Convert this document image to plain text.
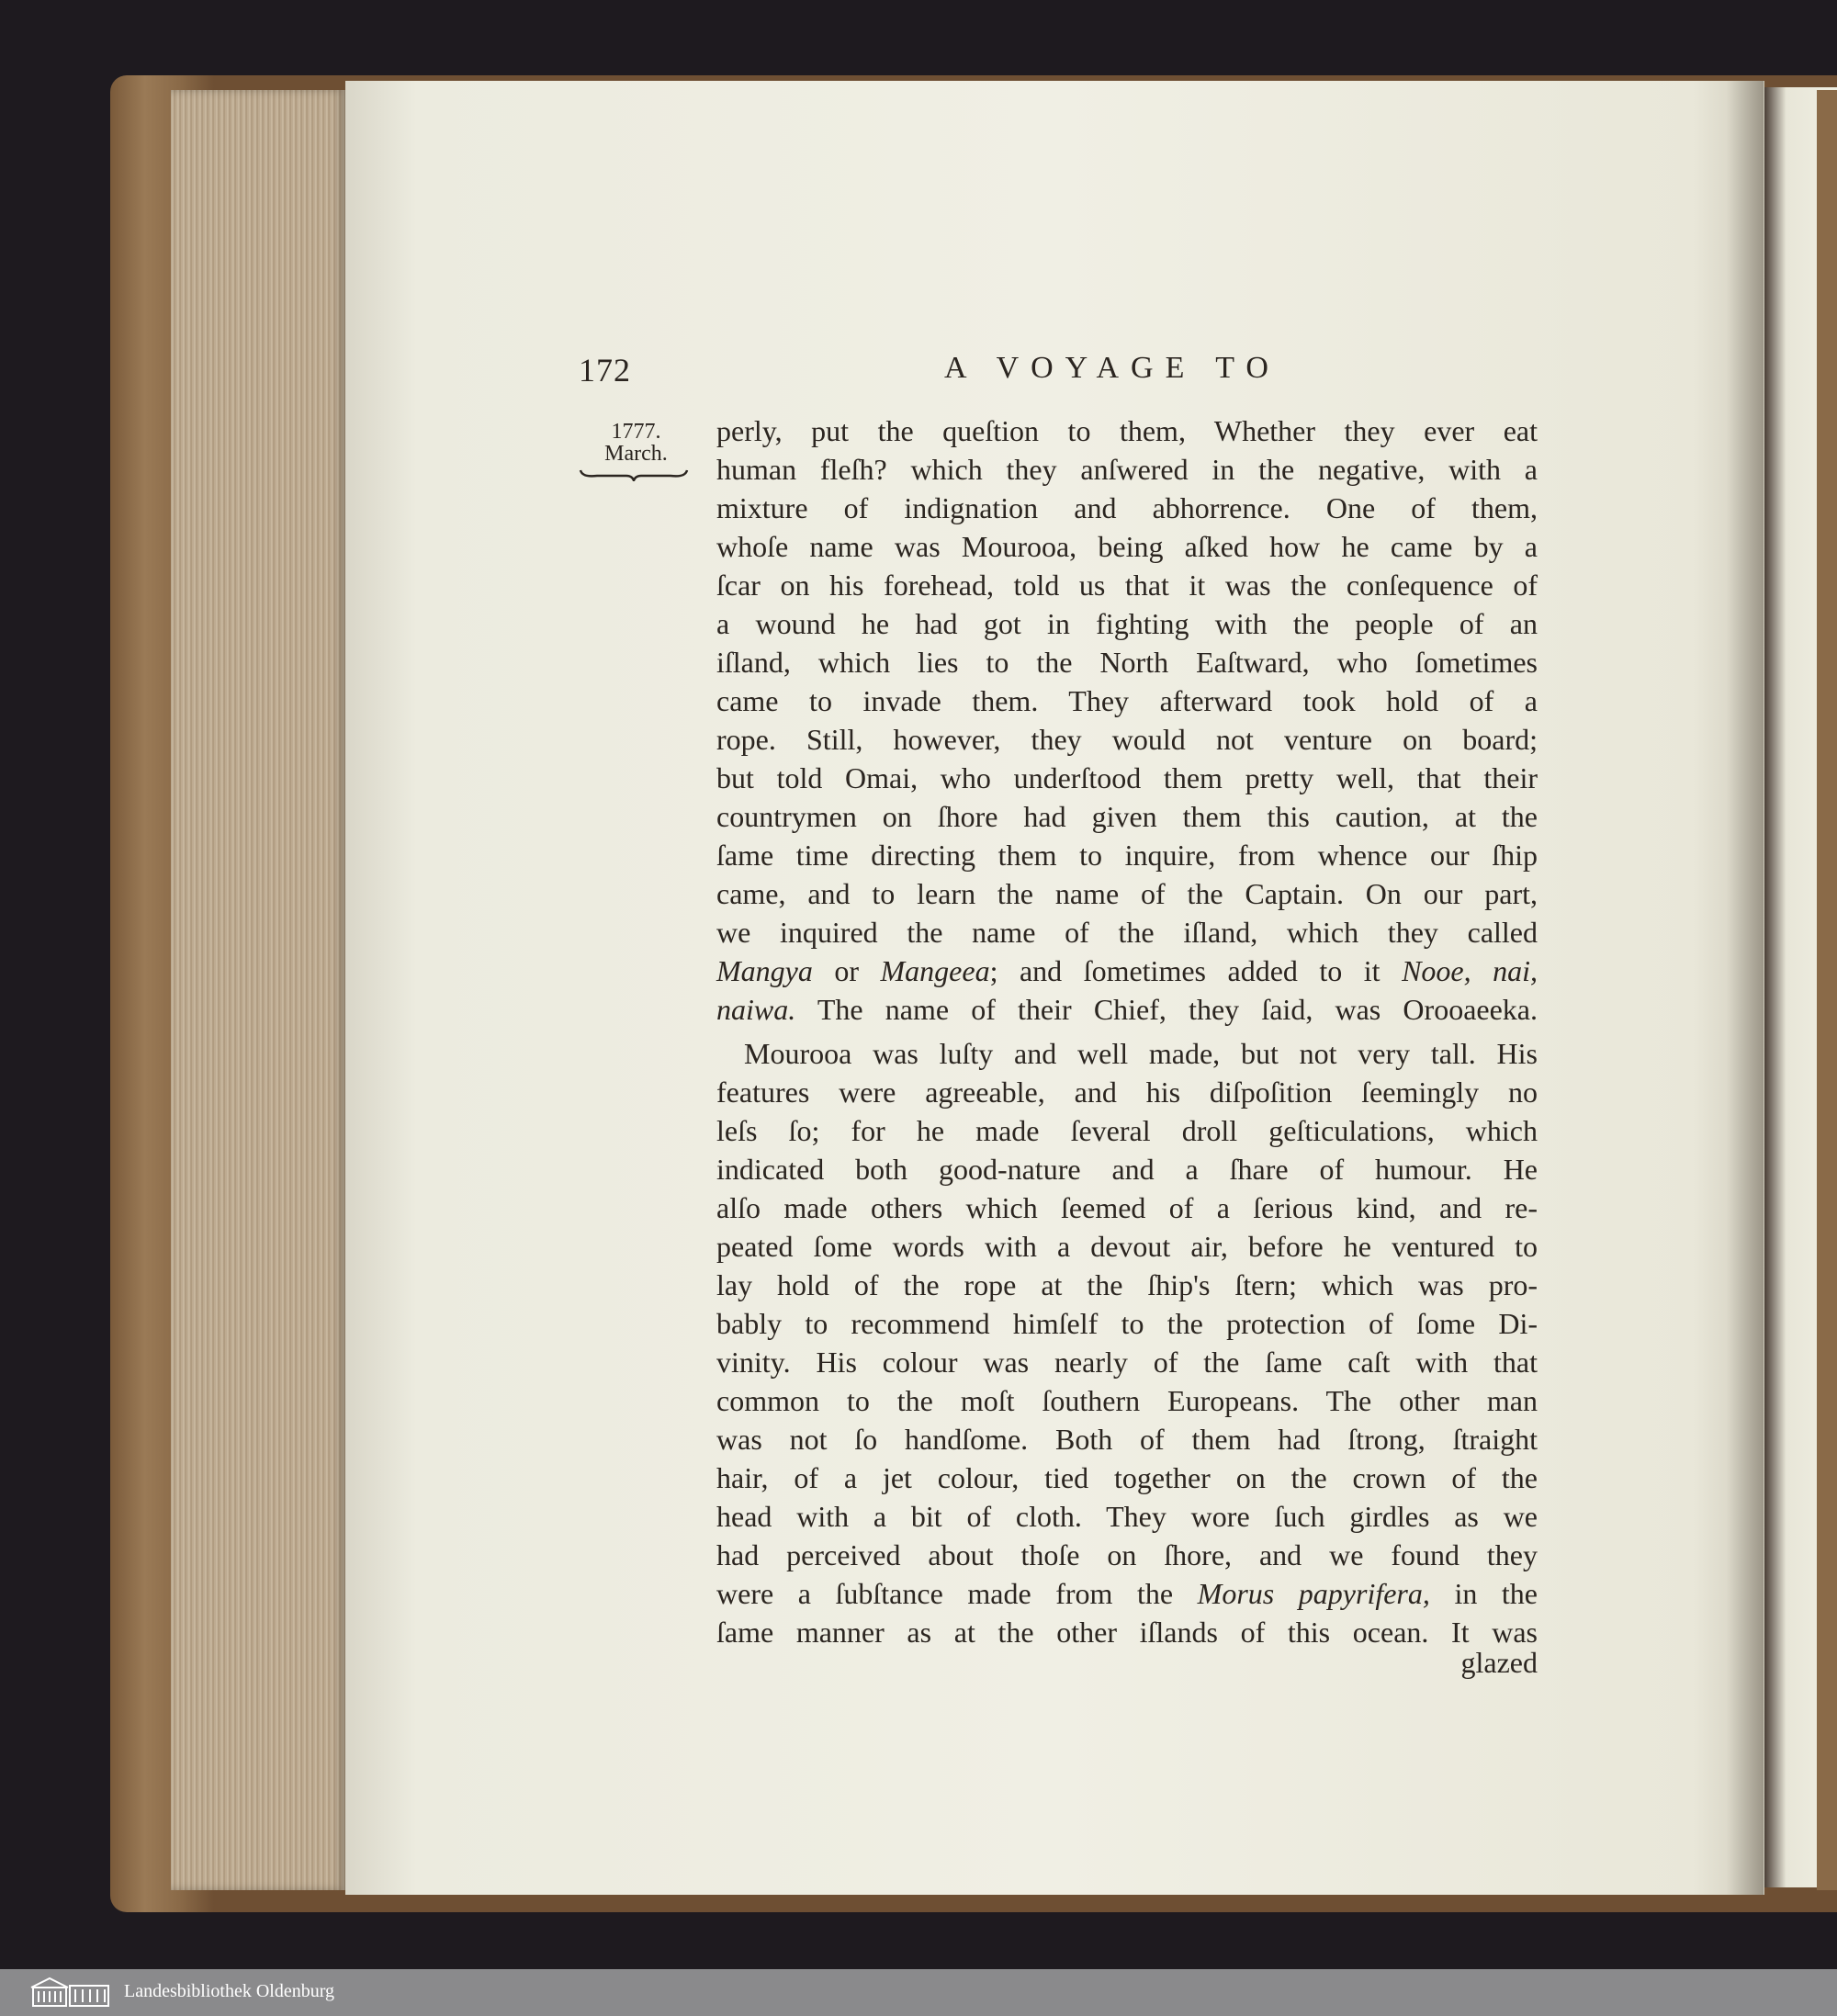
172	A VOYAGE TO
1777.
March.
perly, put the queſtion to them, Whether they ever eat
human fleſh? which they anſwered in the negative, with a
mixture of indignation and abhorrence. One of them,
whoſe name was Mourooa, being aſked how he came by a
ſcar on his forehead, told us that it was the conſequence of
a wound he had got in fighting with the people of an
iſland, which lies to the North Eaſtward, who ſometimes
came to invade them. They afterward took hold of a
rope. Still, however, they would not venture on board;
but told Omai, who underſtood them pretty well, that their
countrymen on ſhore had given them this caution, at the
ſame time directing them to inquire, from whence our ſhip
came, and to learn the name of the Captain. On our part,
we inquired the name of the iſland, which they called
Mangya or Mangeea; and ſometimes added to it Nooe, nai,
naiwa. The name of their Chief, they ſaid, was Orooaeeka.
Mourooa was luſty and well made, but not very tall. His
features were agreeable, and his diſpoſition ſeemingly no
leſs ſo; for he made ſeveral droll geſticulations, which
indicated both good-nature and a ſhare of humour. He
alſo made others which ſeemed of a ſerious kind, and re-
peated ſome words with a devout air, before he ventured to
lay hold of the rope at the ſhip's ſtern; which was pro-
bably to recommend himſelf to the protection of ſome Di-
vinity. His colour was nearly of the ſame caſt with that
common to the moſt ſouthern Europeans. The other man
was not ſo handſome. Both of them had ſtrong, ſtraight
hair, of a jet colour, tied together on the crown of the
head with a bit of cloth. They wore ſuch girdles as we
had perceived about thoſe on ſhore, and we found they
were a ſubſtance made from the Morus papyrifera, in the
ſame manner as at the other iſlands of this ocean. It was
glazed
Landesbibliothek Oldenburg
